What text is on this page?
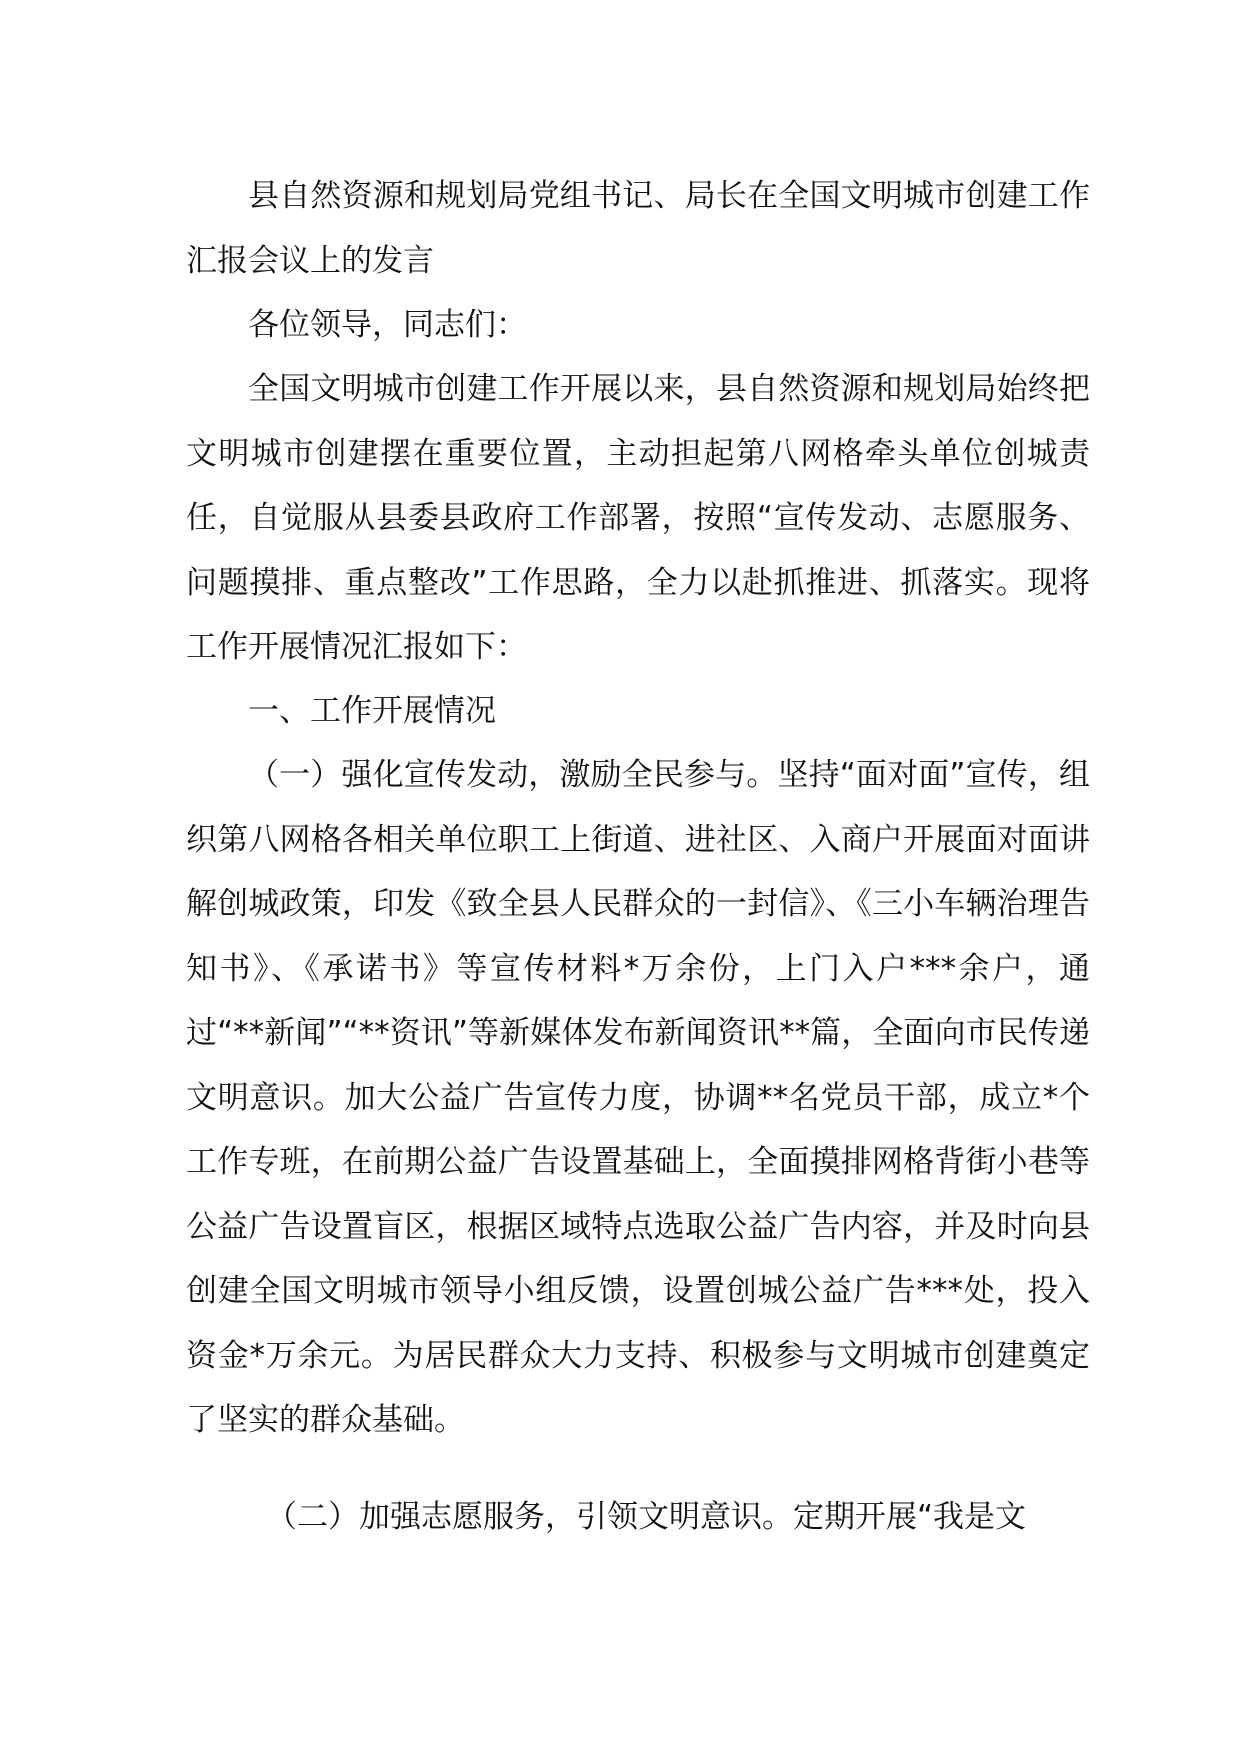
县自然资源和规划局党组书记、局长在全国文明城市创建工作汇报会议上的发言

各位领导，同志们：

全国文明城市创建工作开展以来，县自然资源和规划局始终把文明城市创建摆在重要位置，主动担起第八网格牵头单位创城责任，自觉服从县委县政府工作部署，按照“宣传发动、志愿服务、问题摸排、重点整改”工作思路，全力以赴抓推进、抓落实。现将工作开展情况汇报如下：

一、工作开展情况

（一）强化宣传发动，激励全民参与。坚持“面对面”宣传，组织第八网格各相关单位职工上街道、进社区、入商户开展面对面讲解创城政策，印发《致全县人民群众的一封信》、《三小车辆治理告知书》、《承诺书》等宣传材料*万余份，上门入户***余户，通过“**新闻”“**资讯”等新媒体发布新闻资讯**篇，全面向市民传递文明意识。加大公益广告宣传力度，协调**名党员干部，成立*个工作专班，在前期公益广告设置基础上，全面摸排网格背街小巷等公益广告设置盲区，根据区域特点选取公益广告内容，并及时向县创建全国文明城市领导小组反馈，设置创城公益广告***处，投入资金*万余元。为居民群众大力支持、积极参与文明城市创建奠定了坚实的群众基础。

（二）加强志愿服务，引领文明意识。定期开展“我是文
